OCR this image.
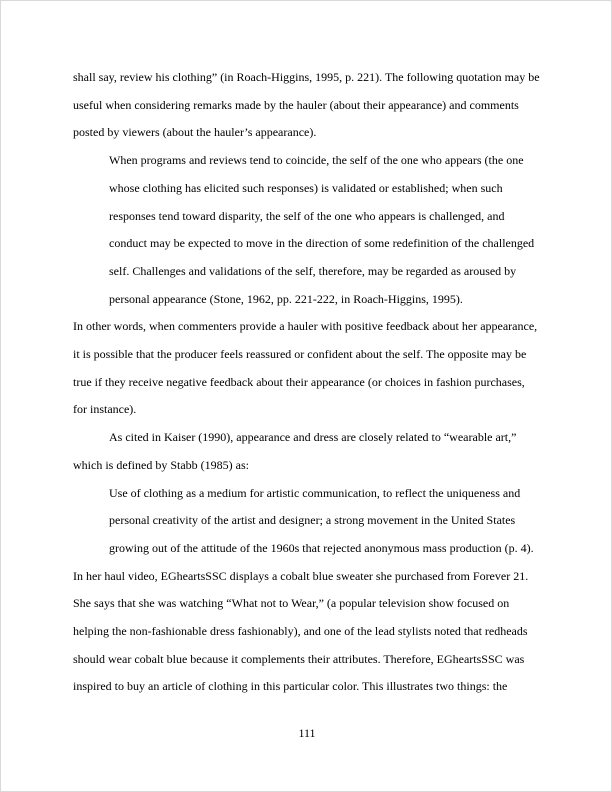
shall say, review his clothing” (in Roach-Higgins, 1995, p. 221). The following quotation may be useful when considering remarks made by the hauler (about their appearance) and comments posted by viewers (about the hauler’s appearance).

When programs and reviews tend to coincide, the self of the one who appears (the one whose clothing has elicited such responses) is validated or established; when such responses tend toward disparity, the self of the one who appears is challenged, and conduct may be expected to move in the direction of some redefinition of the challenged self. Challenges and validations of the self, therefore, may be regarded as aroused by personal appearance (Stone, 1962, pp. 221-222, in Roach-Higgins, 1995).

In other words, when commenters provide a hauler with positive feedback about her appearance, it is possible that the producer feels reassured or confident about the self. The opposite may be true if they receive negative feedback about their appearance (or choices in fashion purchases, for instance).

As cited in Kaiser (1990), appearance and dress are closely related to “wearable art,” which is defined by Stabb (1985) as:

Use of clothing as a medium for artistic communication, to reflect the uniqueness and personal creativity of the artist and designer; a strong movement in the United States growing out of the attitude of the 1960s that rejected anonymous mass production (p. 4).

In her haul video, EGheartsSSC displays a cobalt blue sweater she purchased from Forever 21. She says that she was watching “What not to Wear,” (a popular television show focused on helping the non-fashionable dress fashionably), and one of the lead stylists noted that redheads should wear cobalt blue because it complements their attributes. Therefore, EGheartsSSC was inspired to buy an article of clothing in this particular color. This illustrates two things: the

111
